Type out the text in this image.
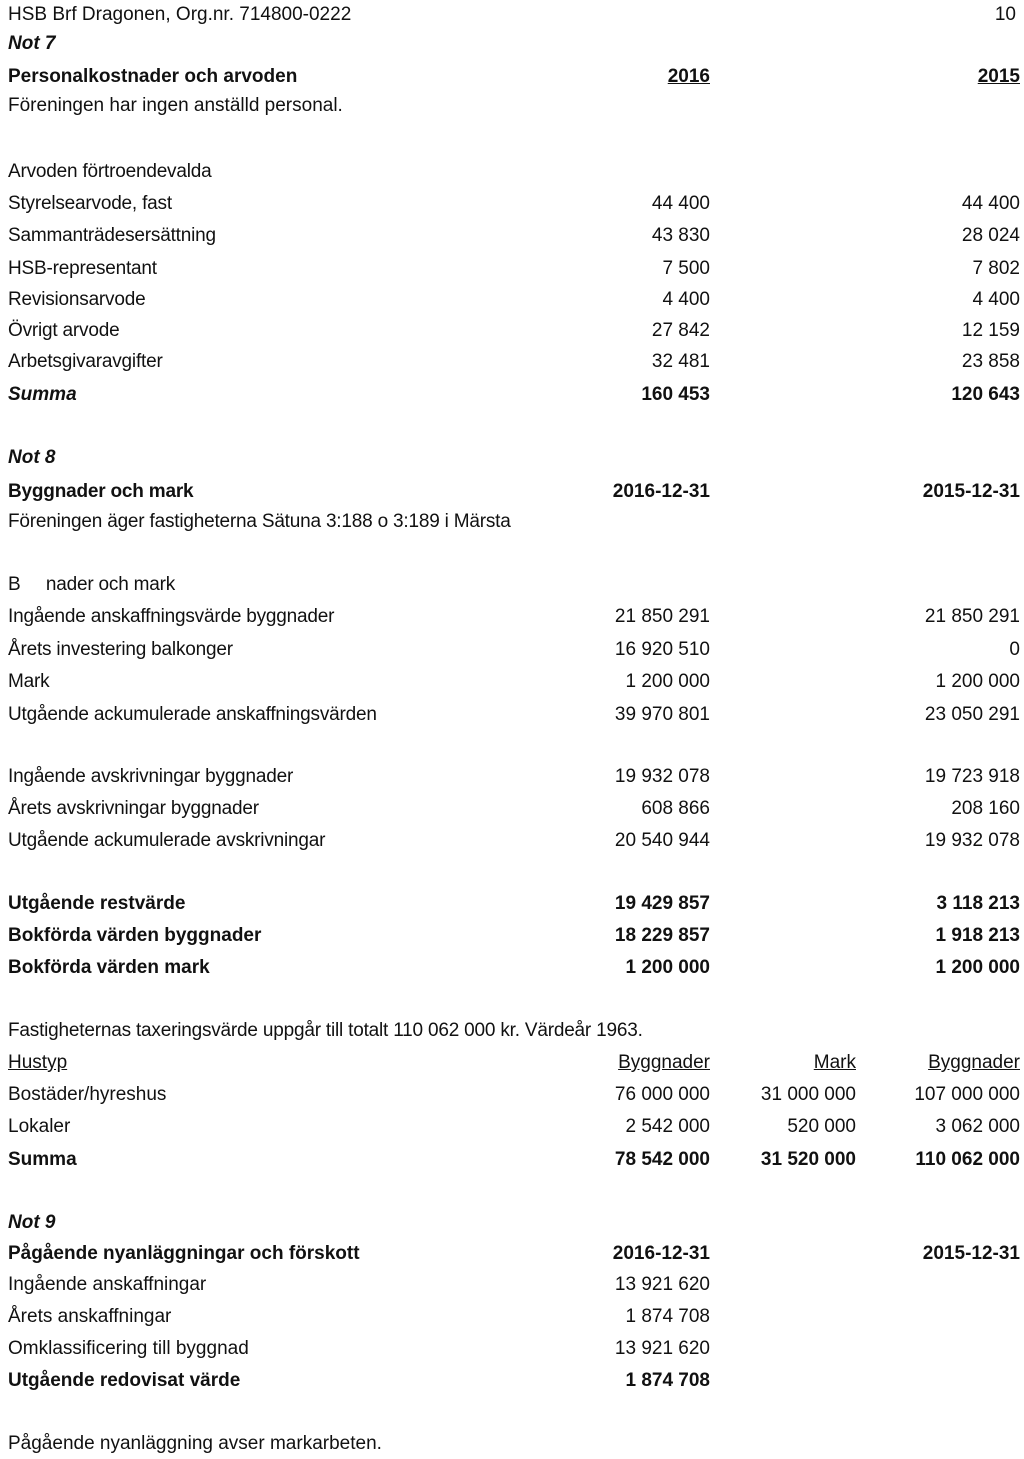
HSB Brf Dragonen, Org.nr. 714800-0222	10
Not 7
Personalkostnader och arvoden	2016	2015
Föreningen har ingen anställd personal.
Arvoden förtroendevalda
Styrelsearvode, fast	44 400	44 400
Sammanträdesersättning	43 830	28 024
HSB-representant	7 500	7 802
Revisionsarvode	4 400	4 400
Övrigt arvode	27 842	12 159
Arbetsgivaravgifter	32 481	23 858
Summa	160 453	120 643
Not 8
Byggnader och mark	2016-12-31	2015-12-31
Föreningen äger fastigheterna Sätuna 3:188 o 3:189 i Märsta
B     nader och mark
Ingående anskaffningsvärde byggnader	21 850 291	21 850 291
Årets investering balkonger	16 920 510	0
Mark	1 200 000	1 200 000
Utgående ackumulerade anskaffningsvärden	39 970 801	23 050 291
Ingående avskrivningar byggnader	19 932 078	19 723 918
Årets avskrivningar byggnader	608 866	208 160
Utgående ackumulerade avskrivningar	20 540 944	19 932 078
Utgående restvärde	19 429 857	3 118 213
Bokförda värden byggnader	18 229 857	1 918 213
Bokförda värden mark	1 200 000	1 200 000
Fastigheternas taxeringsvärde uppgår till totalt 110 062 000 kr. Värdeår 1963.
Hustyp	Byggnader	Mark	Byggnader
Bostäder/hyreshus	76 000 000	31 000 000	107 000 000
Lokaler	2 542 000	520 000	3 062 000
Summa	78 542 000	31 520 000	110 062 000
Not 9
Pågående nyanläggningar och förskott	2016-12-31	2015-12-31
Ingående anskaffningar	13 921 620
Årets anskaffningar	1 874 708
Omklassificering till byggnad	13 921 620
Utgående redovisat värde	1 874 708
Pågående nyanläggning avser markarbeten.
